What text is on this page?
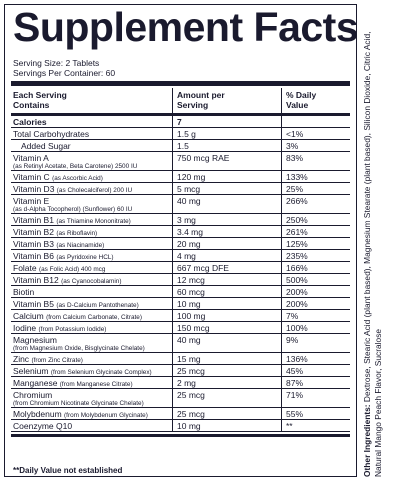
Supplement Facts
Serving Size: 2 Tablets
Servings Per Container: 60
Each Serving
Contains
Amount per
Serving
% Daily
Value
Calories	7
Total Carbohydrates	1.5 g	<1%
Added Sugar	1.5	3%
Vitamin A
(as Retinyl Acetate, Beta Carotene) 2500 IU
750 mcg RAE	83%
Vitamin C (as Ascorbic Acid)	120 mg	133%
Vitamin D3 (as Cholecalciferol) 200 IU	5 mcg	25%
Vitamin E
(as d-Alpha Tocopherol) (Sunflower) 60 IU
40 mg	266%
Vitamin B1 (as Thiamine Mononitrate)	3 mg	250%
Vitamin B2 (as Riboflavin)	3.4 mg	261%
Vitamin B3 (as Niacinamide)	20 mg	125%
Vitamin B6 (as Pyridoxine HCL)	4 mg	235%
Folate (as Folic Acid) 400 mcg	667 mcg DFE	166%
Vitamin B12 (as Cyanocobalamin)	12 mcg	500%
Biotin	60 mcg	200%
Vitamin B5 (as D-Calcium Pantothenate)	10 mg	200%
Calcium (from Calcium Carbonate, Citrate)	100 mg	7%
Iodine (from Potassium Iodide)	150 mcg	100%
Magnesium
(from Magnesium Oxide, Bisglycinate Chelate)
40 mg	9%
Zinc (from Zinc Citrate)	15 mg	136%
Selenium (from Selenium Glycinate Complex)	25 mcg	45%
Manganese (from Manganese Citrate)	2 mg	87%
Chromium
(from Chromium Nicotinate Glycinate Chelate)
25 mcg	71%
Molybdenum (from Molybdenum Glycinate)	25 mcg	55%
Coenzyme Q10	10 mg	**
**Daily Value not established	Other Ingredients: Dextrose, Stearic Acid (plant based), Magnesium Stearate (plant based), Silicon Dioxide, Citric Acid, Natural Mango Peach Flavor, Sucralose
